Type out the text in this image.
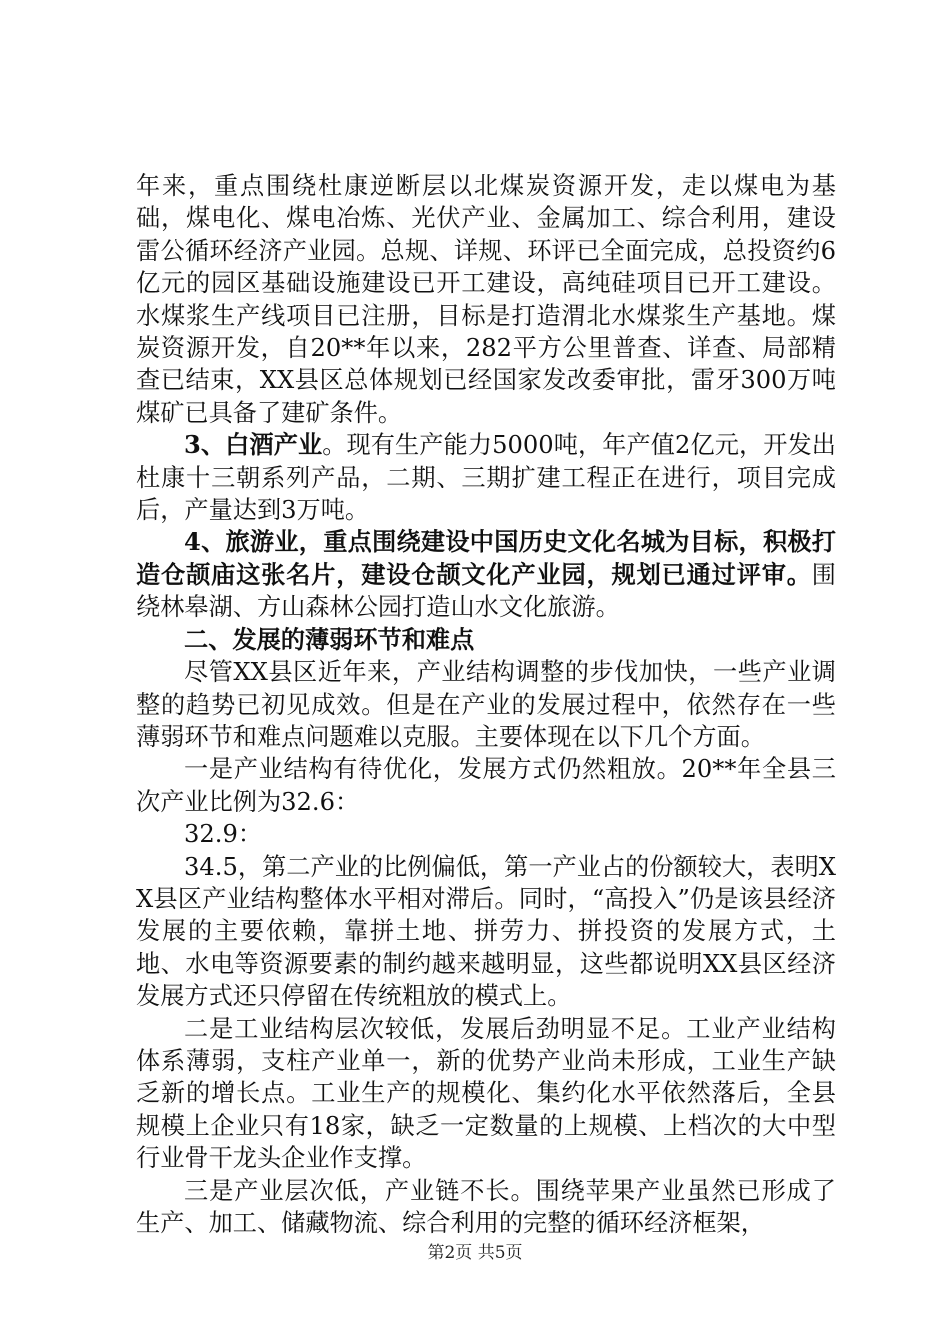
年来，重点围绕杜康逆断层以北煤炭资源开发，走以煤电为基础，煤电化、煤电冶炼、光伏产业、金属加工、综合利用，建设雷公循环经济产业园。总规、详规、环评已全面完成，总投资约6亿元的园区基础设施建设已开工建设，高纯硅项目已开工建设。水煤浆生产线项目已注册，目标是打造渭北水煤浆生产基地。煤炭资源开发，自20**年以来，282平方公里普查、详查、局部精查已结束，XX县区总体规划已经国家发改委审批，雷牙300万吨煤矿已具备了建矿条件。

3、白酒产业。现有生产能力5000吨，年产值2亿元，开发出杜康十三朝系列产品，二期、三期扩建工程正在进行，项目完成后，产量达到3万吨。

4、旅游业，重点围绕建设中国历史文化名城为目标，积极打造仓颉庙这张名片，建设仓颉文化产业园，规划已通过评审。围绕林皋湖、方山森林公园打造山水文化旅游。

二、发展的薄弱环节和难点

尽管XX县区近年来，产业结构调整的步伐加快，一些产业调整的趋势已初见成效。但是在产业的发展过程中，依然存在一些薄弱环节和难点问题难以克服。主要体现在以下几个方面。

一是产业结构有待优化，发展方式仍然粗放。20**年全县三次产业比例为32.6：

32.9：

34.5，第二产业的比例偏低，第一产业占的份额较大，表明XX县区产业结构整体水平相对滞后。同时，“高投入”仍是该县经济发展的主要依赖，靠拼土地、拼劳力、拼投资的发展方式，土地、水电等资源要素的制约越来越明显，这些都说明XX县区经济发展方式还只停留在传统粗放的模式上。

二是工业结构层次较低，发展后劲明显不足。工业产业结构体系薄弱，支柱产业单一，新的优势产业尚未形成，工业生产缺乏新的增长点。工业生产的规模化、集约化水平依然落后，全县规模上企业只有18家，缺乏一定数量的上规模、上档次的大中型行业骨干龙头企业作支撑。

三是产业层次低，产业链不长。围绕苹果产业虽然已形成了生产、加工、储藏物流、综合利用的完整的循环经济框架，

第2页 共5页
